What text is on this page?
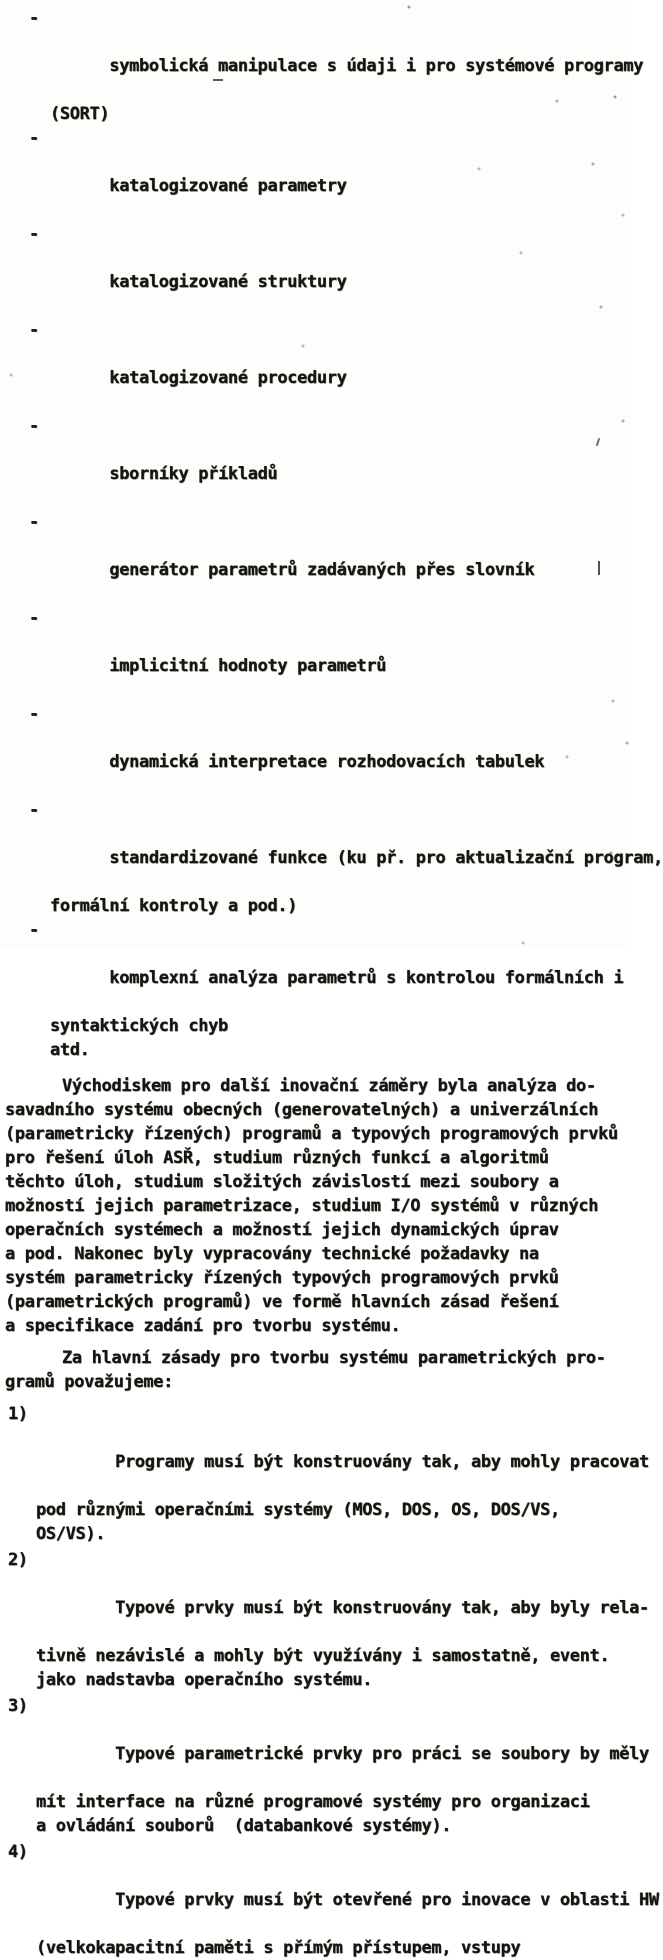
-

symbolická manipulace s údaji i pro systémové programy

(SORT)

-

katalogizované parametry

-

katalogizované struktury

-

katalogizované procedury

-

sborníky příkladů

-

generátor parametrů zadávaných přes slovník

-

implicitní hodnoty parametrů

-

dynamická interpretace rozhodovacích tabulek

-

standardizované funkce (ku př. pro aktualizační program,

formální kontroly a pod.)

-

komplexní analýza parametrů s kontrolou formálních i

syntaktických chyb
atd.
Východiskem pro další inovační záměry byla analýza do-
savadního systému obecných (generovatelných) a univerzálních
(parametricky řízených) programů a typových programových prvků
pro řešení úloh ASŘ, studium různých funkcí a algoritmů
těchto úloh, studium složitých závislostí mezi soubory a
možností jejich parametrizace, studium I/O systémů v různých
operačních systémech a možností jejich dynamických úprav
a pod. Nakonec byly vypracovány technické požadavky na
systém parametricky řízených typových programových prvků
(parametrických programů) ve formě hlavních zásad řešení
a specifikace zadání pro tvorbu systému.
Za hlavní zásady pro tvorbu systému parametrických pro-
gramů považujeme:

1)

Programy musí být konstruovány tak, aby mohly pracovat

pod různými operačními systémy (MOS, DOS, OS, DOS/VS,
OS/VS).

2)

Typové prvky musí být konstruovány tak, aby byly rela-

tivně nezávislé a mohly být využívány i samostatně, event.
jako nadstavba operačního systému.

3)

Typové parametrické prvky pro práci se soubory by měly

mít interface na různé programové systémy pro organizaci
a ovládání souborů  (databankové systémy).

4)

Typové prvky musí být otevřené pro inovace v oblasti HW

(velkokapacitní paměti s přímým přístupem, vstupy
